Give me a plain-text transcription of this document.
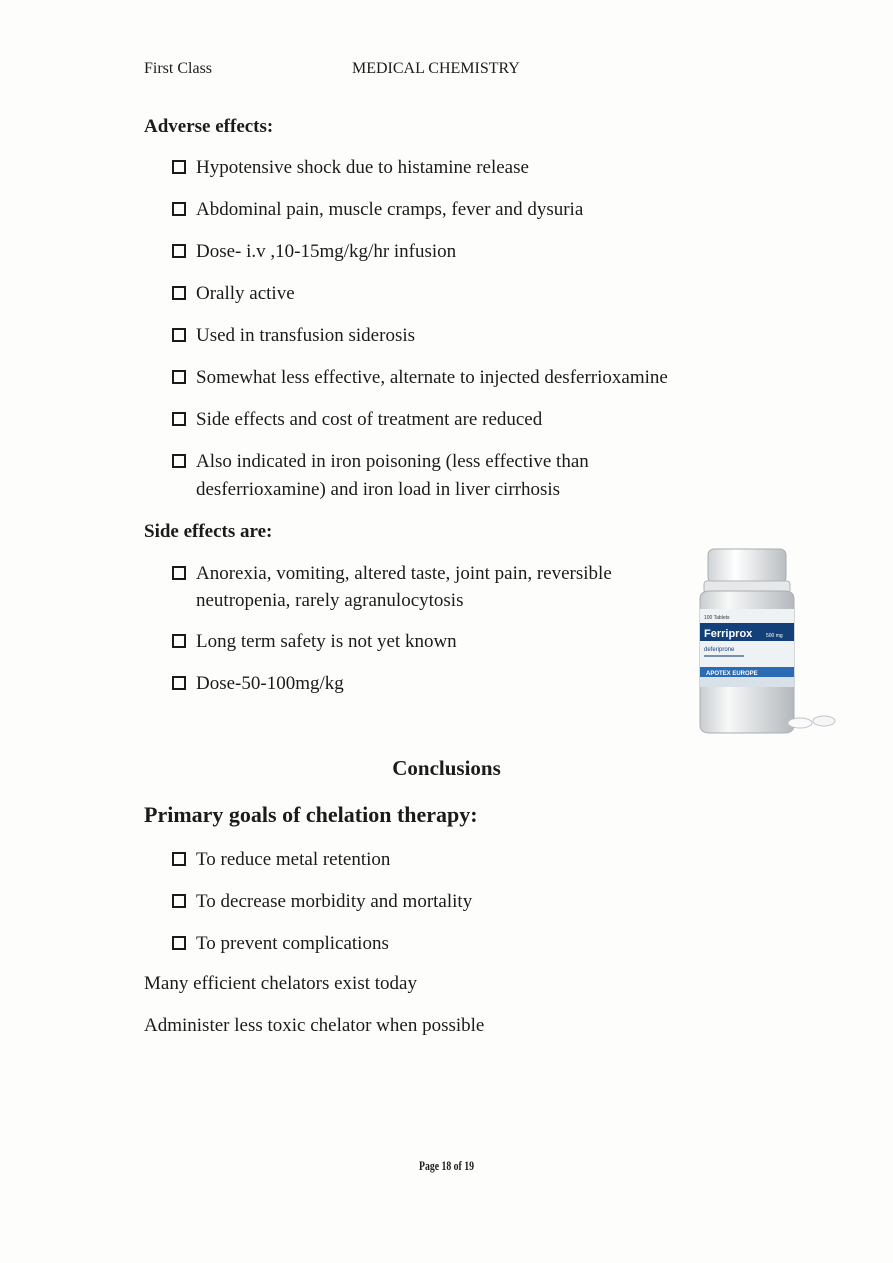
First Class	MEDICAL CHEMISTRY
Adverse effects:
Hypotensive shock due to histamine release
Abdominal pain, muscle cramps, fever and dysuria
Dose- i.v ,10-15mg/kg/hr infusion
Orally active
Used in transfusion siderosis
Somewhat less effective, alternate to injected desferrioxamine
Side effects and cost of treatment are reduced
Also indicated in iron poisoning (less effective than
desferrioxamine) and iron load in liver cirrhosis
Side effects are:
Anorexia, vomiting, altered taste, joint pain, reversible
neutropenia, rarely agranulocytosis
Long term safety is not yet known
Dose-50-100mg/kg
100 Tablets
Ferriprox	500 mg
deferiprone
APOTEX EUROPE
Conclusions
Primary goals of chelation therapy:
To reduce metal retention
To decrease morbidity and mortality
To prevent complications
Many efficient chelators exist today
Administer less toxic chelator when possible
Page 18 of 19
